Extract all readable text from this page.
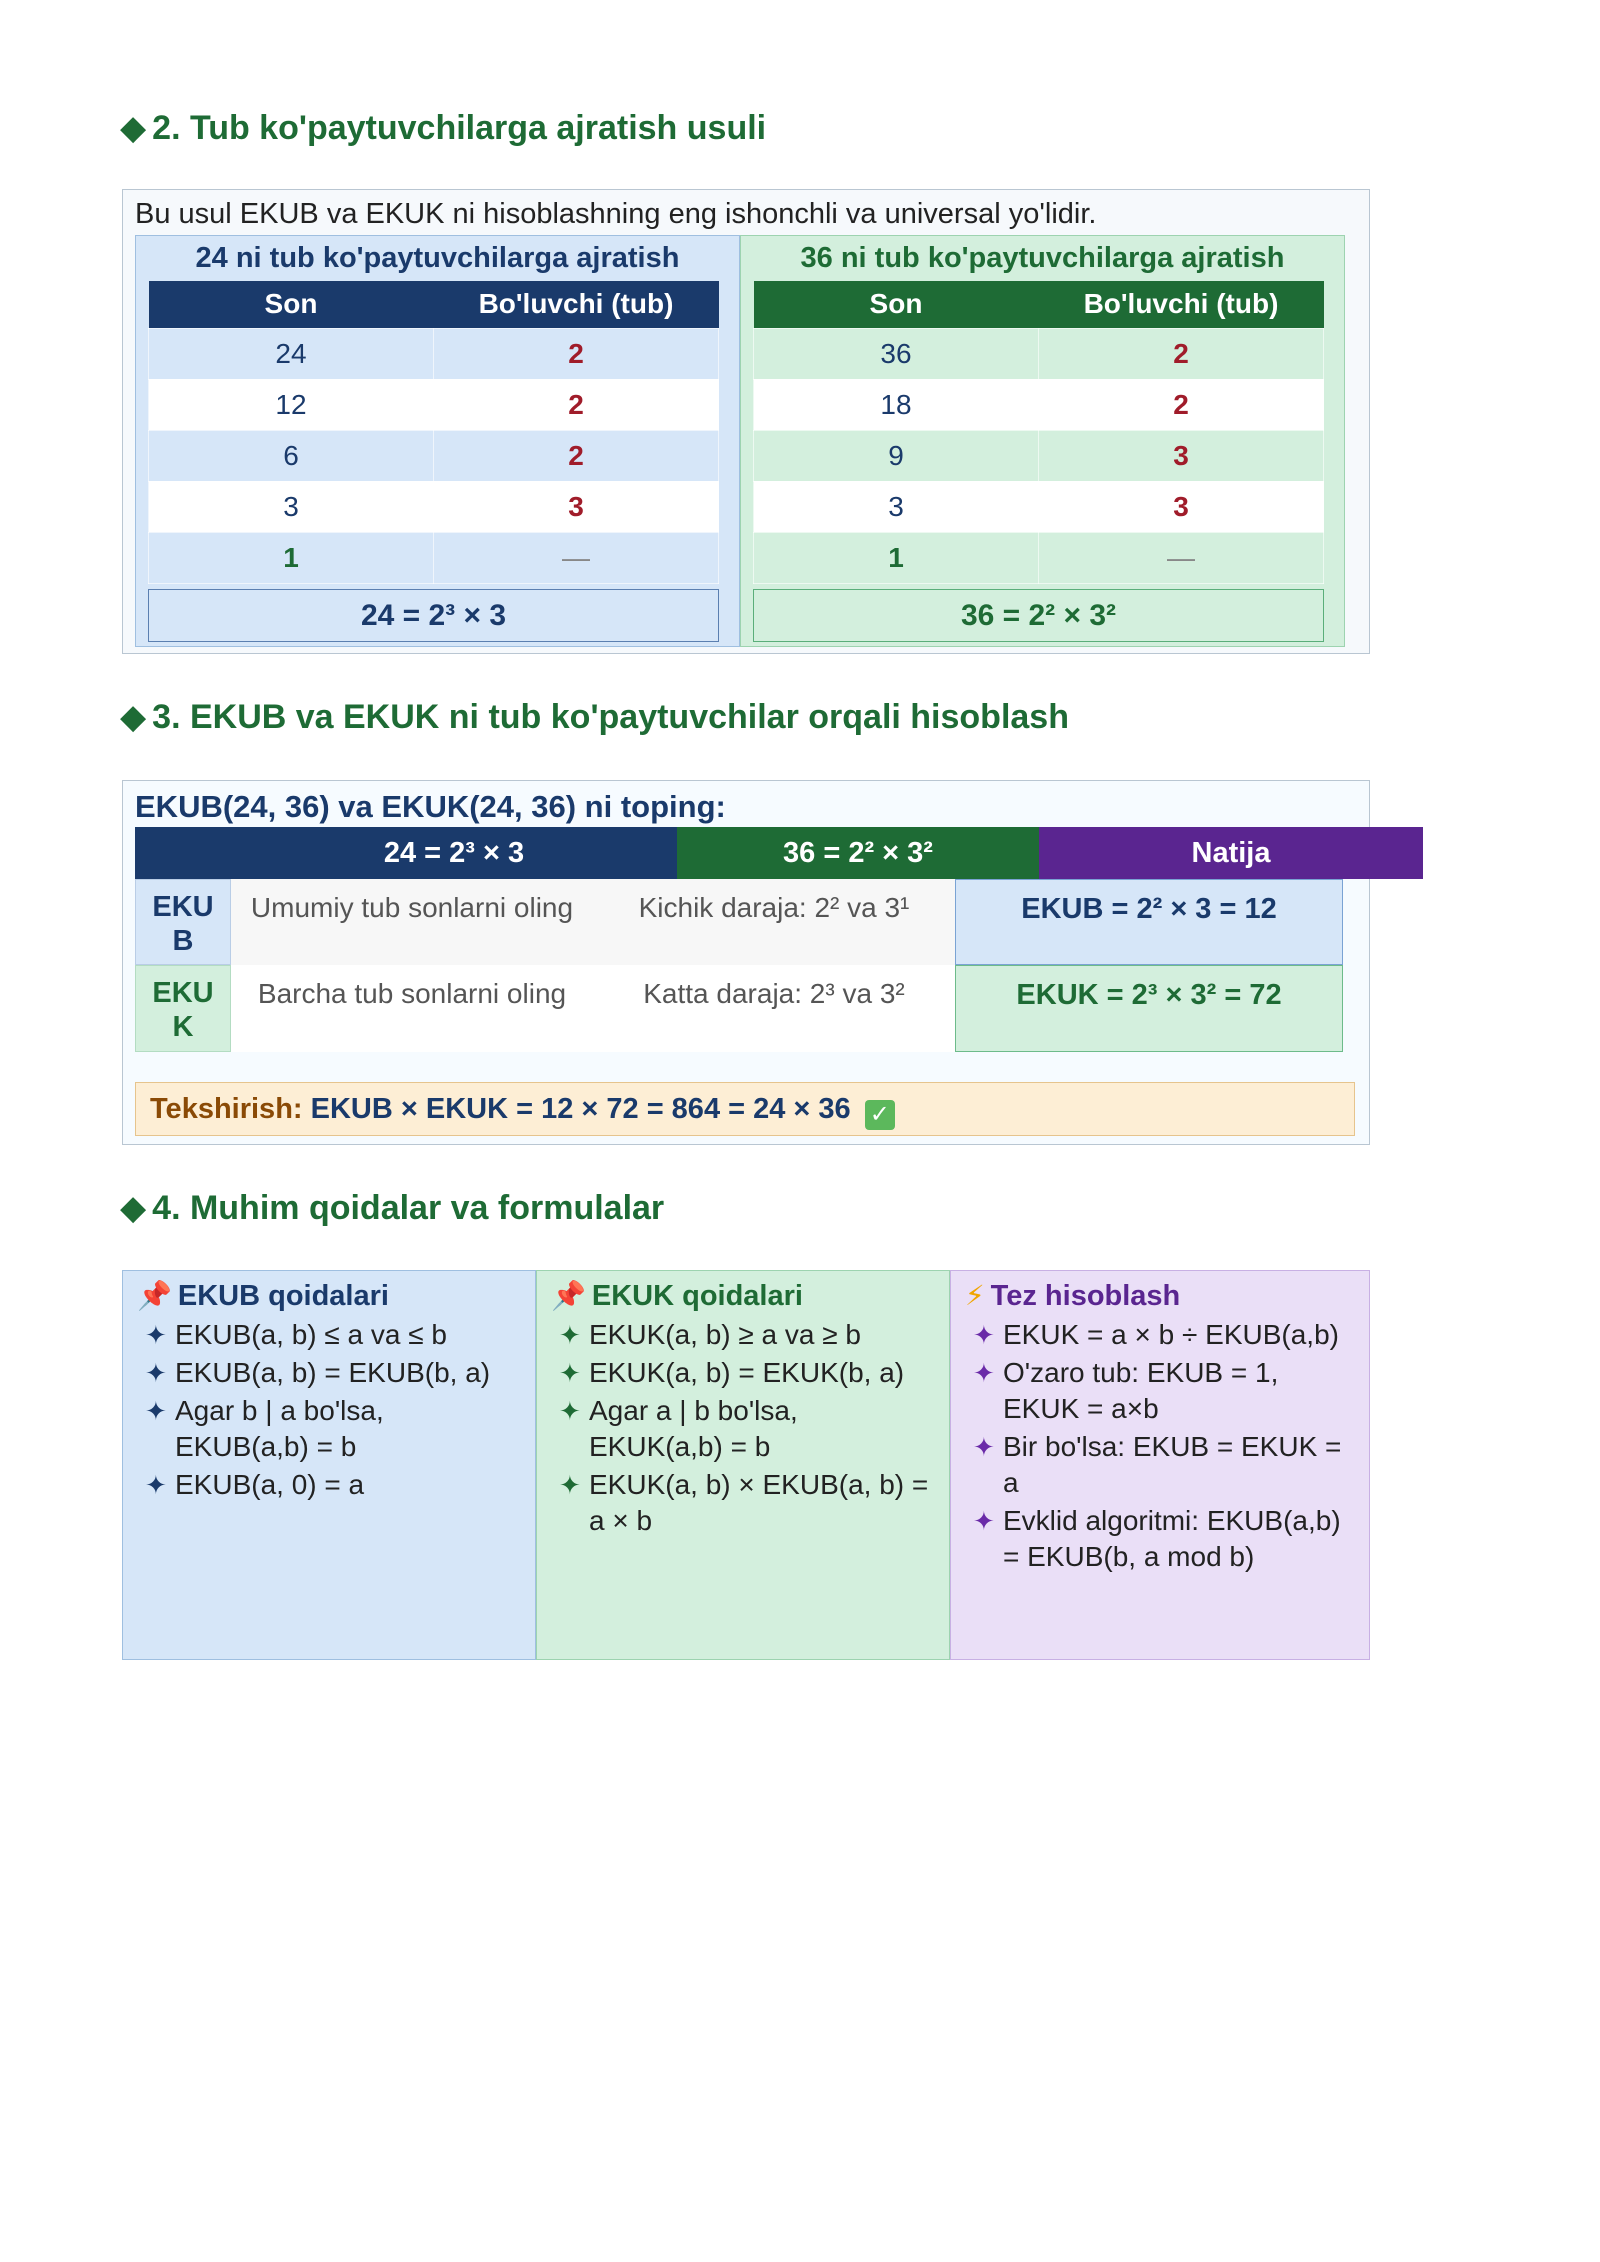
◆ 2. Tub ko'paytuvchilarga ajratish usuli
Bu usul EKUB va EKUK ni hisoblashning eng ishonchli va universal yo'lidir.
24 ni tub ko'paytuvchilarga ajratish
Son	Bo'luvchi (tub)
24	2
12	2
6	2
3	3
1	—
24 = 2³ × 3
36 ni tub ko'paytuvchilarga ajratish
Son	Bo'luvchi (tub)
36	2
18	2
9	3
3	3
1	—
36 = 2² × 3²
◆ 3. EKUB va EKUK ni tub ko'paytuvchilar orqali hisoblash
EKUB(24, 36) va EKUK(24, 36) ni toping:
24 = 2³ × 3	36 = 2² × 3²	Natija
EKU
B
Umumiy tub sonlarni oling	Kichik daraja: 2² va 3¹	EKUB = 2² × 3 = 12
EKU
K
Barcha tub sonlarni oling	Katta daraja: 2³ va 3²	EKUK = 2³ × 3² = 72
Tekshirish: EKUB × EKUK = 12 × 72 = 864 = 24 × 36 ✓
◆ 4. Muhim qoidalar va formulalar
📌 EKUB qoidalari
✦ EKUB(a, b) ≤ a va ≤ b
✦ EKUB(a, b) = EKUB(b, a)
✦ Agar b | a bo'lsa, EKUB(a,b) = b
✦ EKUB(a, 0) = a
📌 EKUK qoidalari
✦ EKUK(a, b) ≥ a va ≥ b
✦ EKUK(a, b) = EKUK(b, a)
✦ Agar a | b bo'lsa, EKUK(a,b) = b
✦ EKUK(a, b) × EKUB(a, b) = a × b
⚡ Tez hisoblash
✦ EKUK = a × b ÷ EKUB(a,b)
✦ O'zaro tub: EKUB = 1, EKUK = a×b
✦ Bir bo'lsa: EKUB = EKUK = a
✦ Evklid algoritmi: EKUB(a,b) = EKUB(b, a mod b)
